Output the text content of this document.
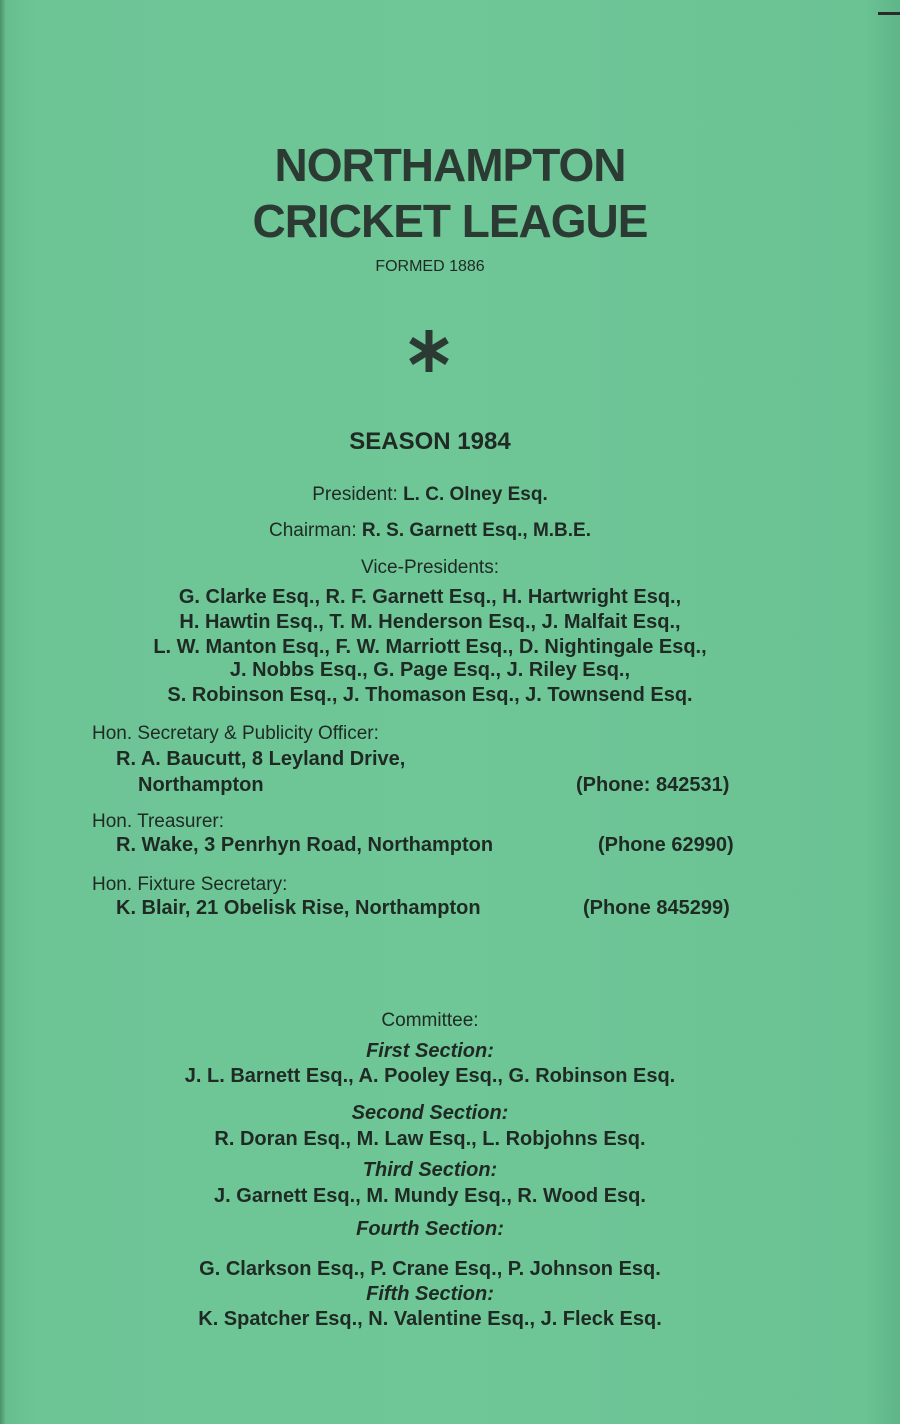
NORTHAMPTON
CRICKET LEAGUE
FORMED 1886
SEASON 1984
President: L. C. Olney Esq.
Chairman: R. S. Garnett Esq., M.B.E.
Vice-Presidents:
G. Clarke Esq., R. F. Garnett Esq., H. Hartwright Esq.,
H. Hawtin Esq., T. M. Henderson Esq., J. Malfait Esq.,
L. W. Manton Esq., F. W. Marriott Esq., D. Nightingale Esq.,
J. Nobbs Esq., G. Page Esq., J. Riley Esq.,
S. Robinson Esq., J. Thomason Esq., J. Townsend Esq.
Hon. Secretary & Publicity Officer:
R. A. Baucutt, 8 Leyland Drive,
Northampton	(Phone: 842531)
Hon. Treasurer:
R. Wake, 3 Penrhyn Road, Northampton	(Phone 62990)
Hon. Fixture Secretary:
K. Blair, 21 Obelisk Rise, Northampton	(Phone 845299)
Committee:
First Section:
J. L. Barnett Esq., A. Pooley Esq., G. Robinson Esq.
Second Section:
R. Doran Esq., M. Law Esq., L. Robjohns Esq.
Third Section:
J. Garnett Esq., M. Mundy Esq., R. Wood Esq.
Fourth Section:
G. Clarkson Esq., P. Crane Esq., P. Johnson Esq.
Fifth Section:
K. Spatcher Esq., N. Valentine Esq., J. Fleck Esq.
